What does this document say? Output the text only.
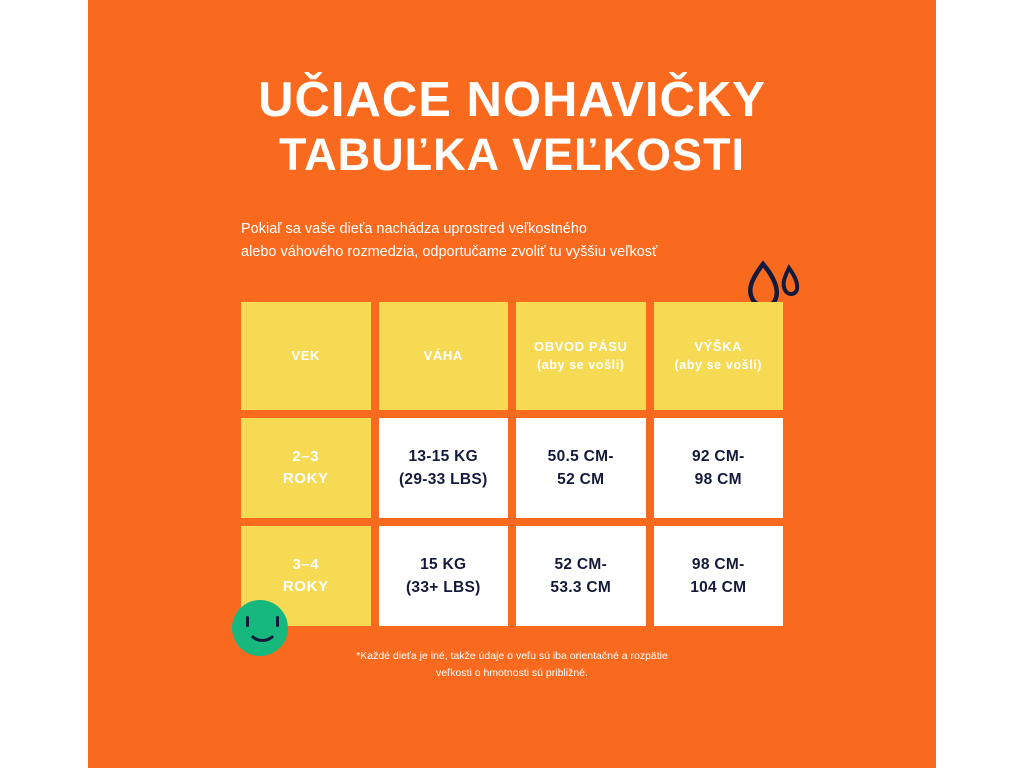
UČIACE NOHAVIČKY
TABUĽKA VEĽKOSTI
Pokiaľ sa vaše dieťa nachádza uprostred veľkostného
alebo váhového rozmedzia, odportučame zvoliť tu vyššiu veľkosť
VEK	VÁHA
OBVOD PÁSU
(aby se vošli)
VÝŠKA
(aby se vošli)
2–3
ROKY
13-15 KG
(29-33 LBS)
50.5 CM-
52 CM
92 CM-
98 CM
3–4
ROKY
15 KG
(33+ LBS)
52 CM-
53.3 CM
98 CM-
104 CM
*Každé dieťa je iné, takže údaje o veľu sú iba orientačné a rozpätie
veľkosti o hmotnosti sú približné.
